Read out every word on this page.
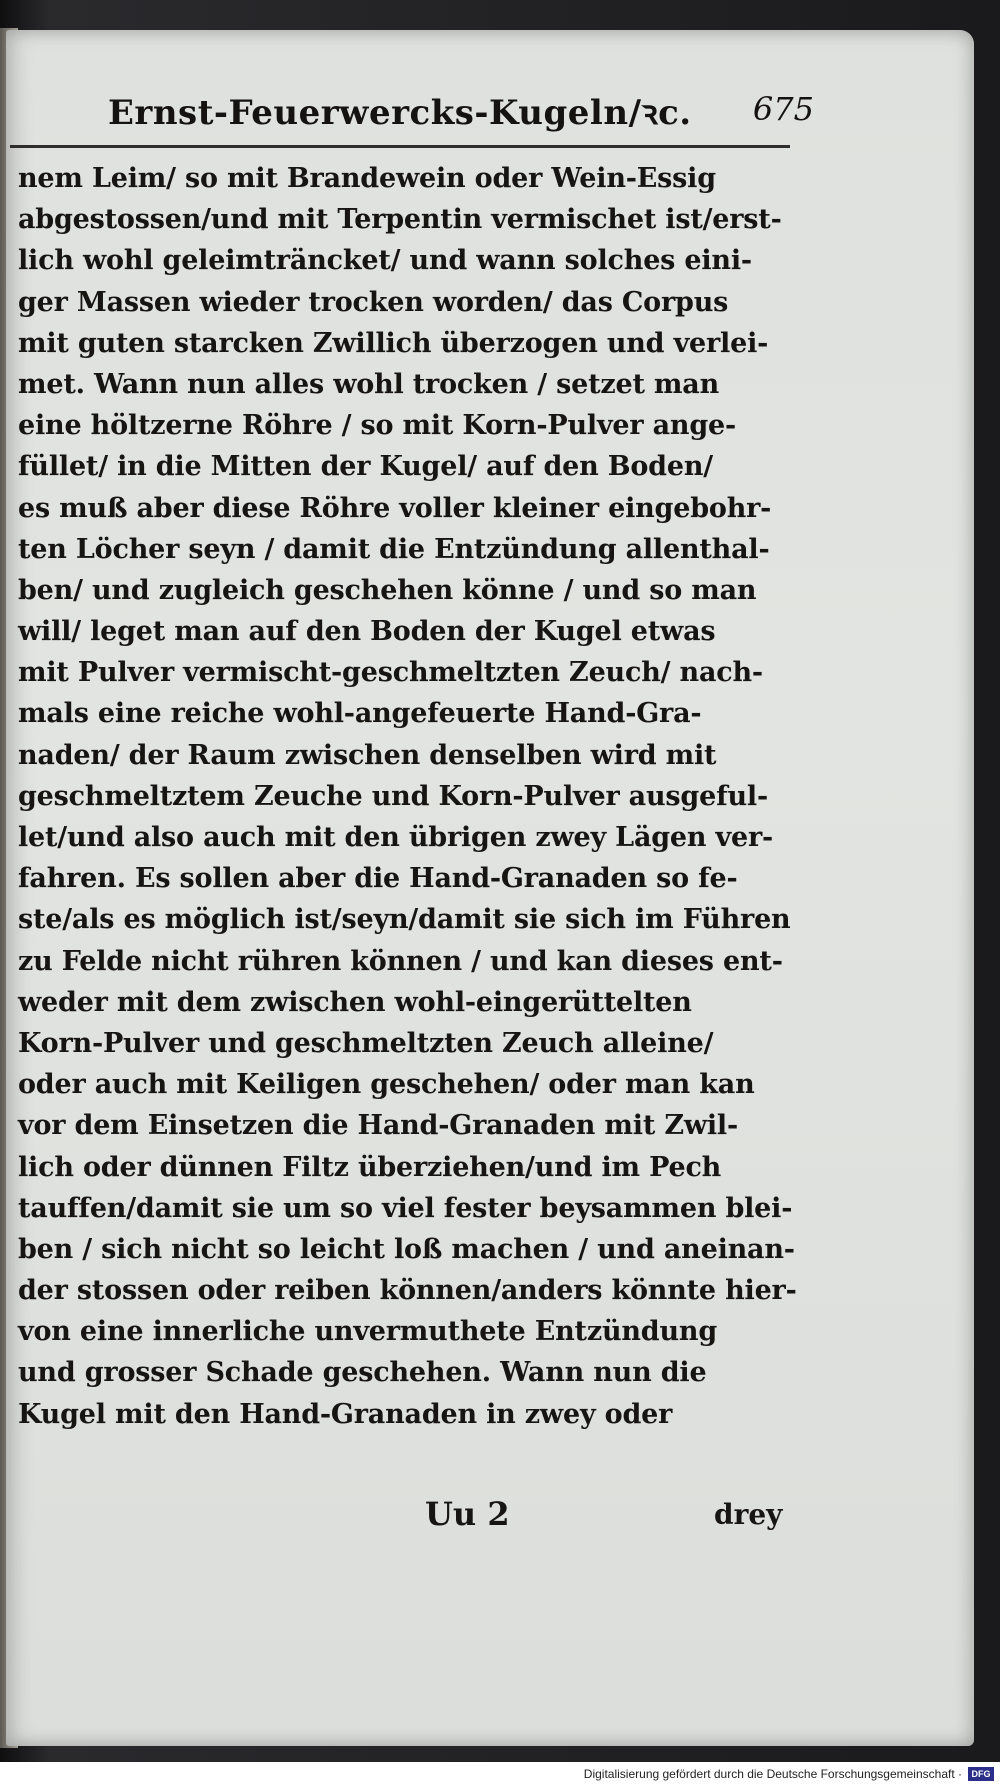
Ernst-Feuerwercks-Kugeln/ꝛc. 675
nem Leim/ so mit Brandewein oder Wein-Essig
abgestossen/und mit Terpentin vermischet ist/erst-
lich wohl geleimträncket/ und wann solches eini-
ger Massen wieder trocken worden/ das Corpus
mit guten starcken Zwillich überzogen und verlei-
met. Wann nun alles wohl trocken / setzet man
eine höltzerne Röhre / so mit Korn-Pulver ange-
füllet/ in die Mitten der Kugel/ auf den Boden/
es muß aber diese Röhre voller kleiner eingebohr-
ten Löcher seyn / damit die Entzündung allenthal-
ben/ und zugleich geschehen könne / und so man
will/ leget man auf den Boden der Kugel etwas
mit Pulver vermischt-geschmeltzten Zeuch/ nach-
mals eine reiche wohl-angefeuerte Hand-Gra-
naden/ der Raum zwischen denselben wird mit
geschmeltztem Zeuche und Korn-Pulver ausgeful-
let/und also auch mit den übrigen zwey Lägen ver-
fahren. Es sollen aber die Hand-Granaden so fe-
ste/als es möglich ist/seyn/damit sie sich im Führen
zu Felde nicht rühren können / und kan dieses ent-
weder mit dem zwischen wohl-eingerüttelten
Korn-Pulver und geschmeltzten Zeuch alleine/
oder auch mit Keiligen geschehen/ oder man kan
vor dem Einsetzen die Hand-Granaden mit Zwil-
lich oder dünnen Filtz überziehen/und im Pech
tauffen/damit sie um so viel fester beysammen blei-
ben / sich nicht so leicht loß machen / und aneinan-
der stossen oder reiben können/anders könnte hier-
von eine innerliche unvermuthete Entzündung
und grosser Schade geschehen. Wann nun die
Kugel mit den Hand-Granaden in zwey oder
Uu 2	drey
Digitalisierung gefördert durch die Deutsche Forschungsgemeinschaft ·	DFG
